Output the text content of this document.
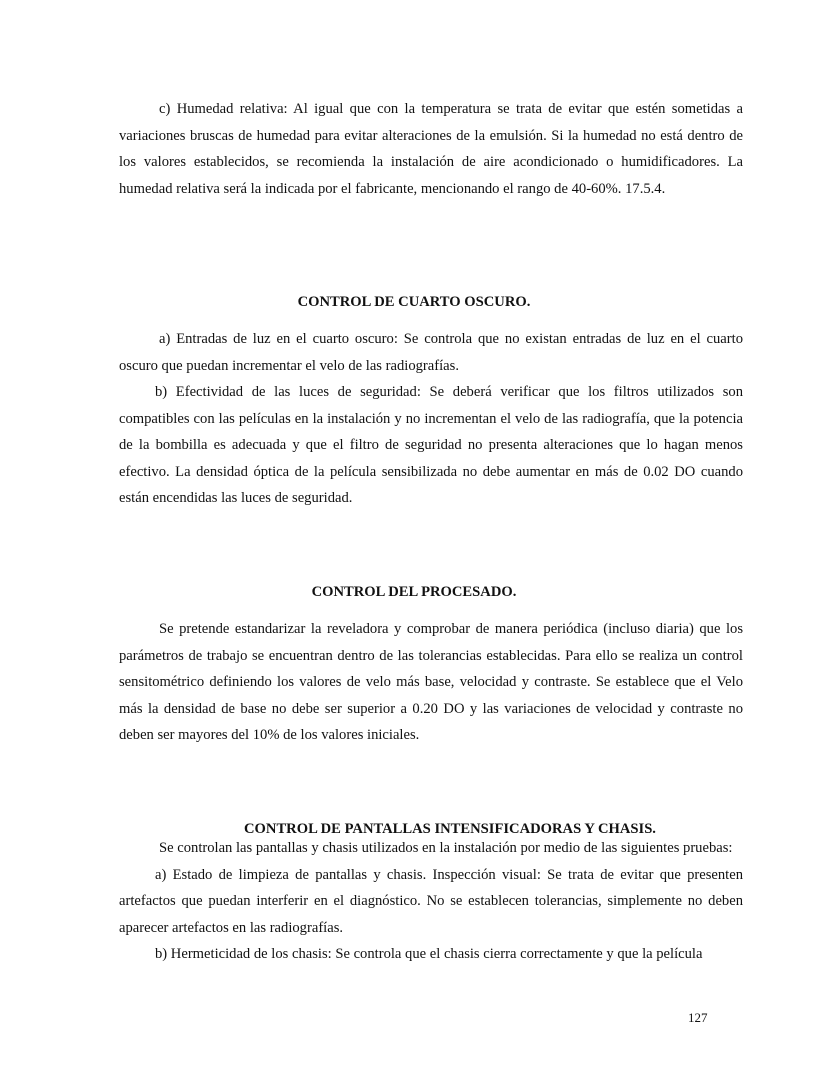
c) Humedad relativa: Al igual que con la temperatura se trata de evitar que estén sometidas a variaciones bruscas de humedad para evitar alteraciones de la emulsión. Si la humedad no está dentro de los valores establecidos, se recomienda la instalación de aire acondicionado o humidificadores. La humedad relativa será la indicada por el fabricante, mencionando el rango de 40-60%. 17.5.4.

CONTROL DE CUARTO OSCURO.

a) Entradas de luz en el cuarto oscuro: Se controla que no existan entradas de luz en el cuarto oscuro que puedan incrementar el velo de las radiografías.

b) Efectividad de las luces de seguridad: Se deberá verificar que los filtros utilizados son compatibles con las películas en la instalación y no incrementan el velo de las radiografía, que la potencia de la bombilla es adecuada y que el filtro de seguridad no presenta alteraciones que lo hagan menos efectivo. La densidad óptica de la película sensibilizada no debe aumentar en más de 0.02 DO cuando están encendidas las luces de seguridad.

CONTROL DEL PROCESADO.

Se pretende estandarizar la reveladora y comprobar de manera periódica (incluso diaria) que los parámetros de trabajo se encuentran dentro de las tolerancias establecidas. Para ello se realiza un control sensitométrico definiendo los valores de velo más base, velocidad y contraste. Se establece que el Velo más la densidad de base no debe ser superior a 0.20 DO y las variaciones de velocidad y contraste no deben ser mayores del 10% de los valores iniciales.

CONTROL DE PANTALLAS INTENSIFICADORAS Y CHASIS.

Se controlan las pantallas y chasis utilizados en la instalación por medio de las siguientes pruebas:

a) Estado de limpieza de pantallas y chasis. Inspección visual: Se trata de evitar que presenten artefactos que puedan interferir en el diagnóstico. No se establecen tolerancias, simplemente no deben aparecer artefactos en las radiografías.

b) Hermeticidad de los chasis: Se controla que el chasis cierra correctamente y que la película

127
